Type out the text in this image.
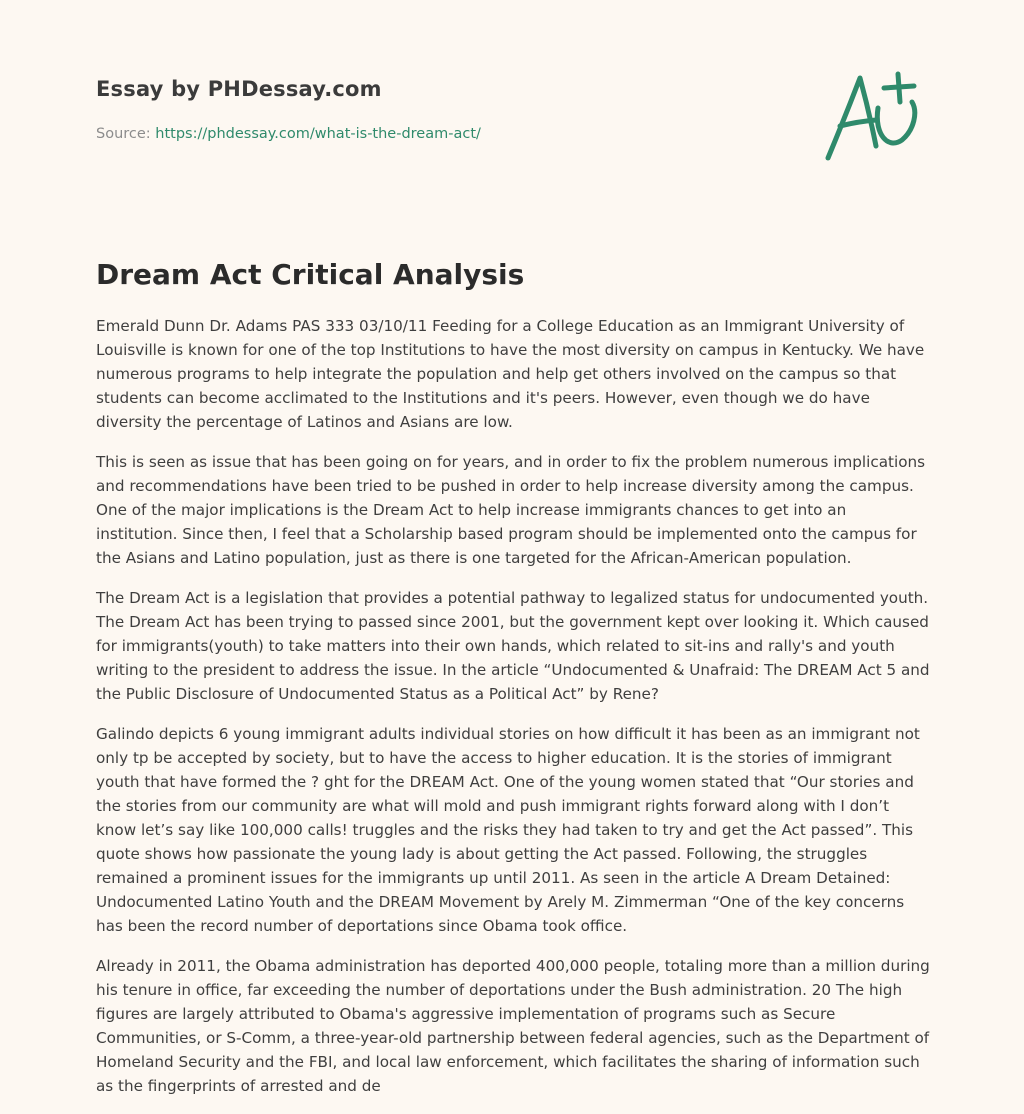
Essay by PHDessay.com
Source: https://phdessay.com/what-is-the-dream-act/
Dream Act Critical Analysis

Emerald Dunn Dr. Adams PAS 333 03/10/11 Feeding for a College Education as an Immigrant University of Louisville is known for one of the top Institutions to have the most diversity on campus in Kentucky. We have numerous programs to help integrate the population and help get others involved on the campus so that students can become acclimated to the Institutions and it's peers. However, even though we do have diversity the percentage of Latinos and Asians are low.

This is seen as issue that has been going on for years, and in order to fix the problem numerous implications and recommendations have been tried to be pushed in order to help increase diversity among the campus. One of the major implications is the Dream Act to help increase immigrants chances to get into an institution. Since then, I feel that a Scholarship based program should be implemented onto the campus for the Asians and Latino population, just as there is one targeted for the African-American population.

The Dream Act is a legislation that provides a potential pathway to legalized status for undocumented youth. The Dream Act has been trying to passed since 2001, but the government kept over looking it. Which caused for immigrants(youth) to take matters into their own hands, which related to sit-ins and rally's and youth writing to the president to address the issue. In the article “Undocumented & Unafraid: The DREAM Act 5 and the Public Disclosure of Undocumented Status as a Political Act” by Rene?

Galindo depicts 6 young immigrant adults individual stories on how difficult it has been as an immigrant not only tp be accepted by society, but to have the access to higher education. It is the stories of immigrant youth that have formed the ? ght for the DREAM Act. One of the young women stated that “Our stories and the stories from our community are what will mold and push immigrant rights forward along with I don’t know let’s say like 100,000 calls! truggles and the risks they had taken to try and get the Act passed”. This quote shows how passionate the young lady is about getting the Act passed. Following, the struggles remained a prominent issues for the immigrants up until 2011. As seen in the article A Dream Detained: Undocumented Latino Youth and the DREAM Movement by Arely M. Zimmerman “One of the key concerns has been the record number of deportations since Obama took office.

Already in 2011, the Obama administration has deported 400,000 people, totaling more than a million during his tenure in office, far exceeding the number of deportations under the Bush administration. 20 The high figures are largely attributed to Obama's aggressive implementation of programs such as Secure Communities, or S-Comm, a three-year-old partnership between federal agencies, such as the Department of Homeland Security and the FBI, and local law enforcement, which facilitates the sharing of information such as the fingerprints of arrested and de
